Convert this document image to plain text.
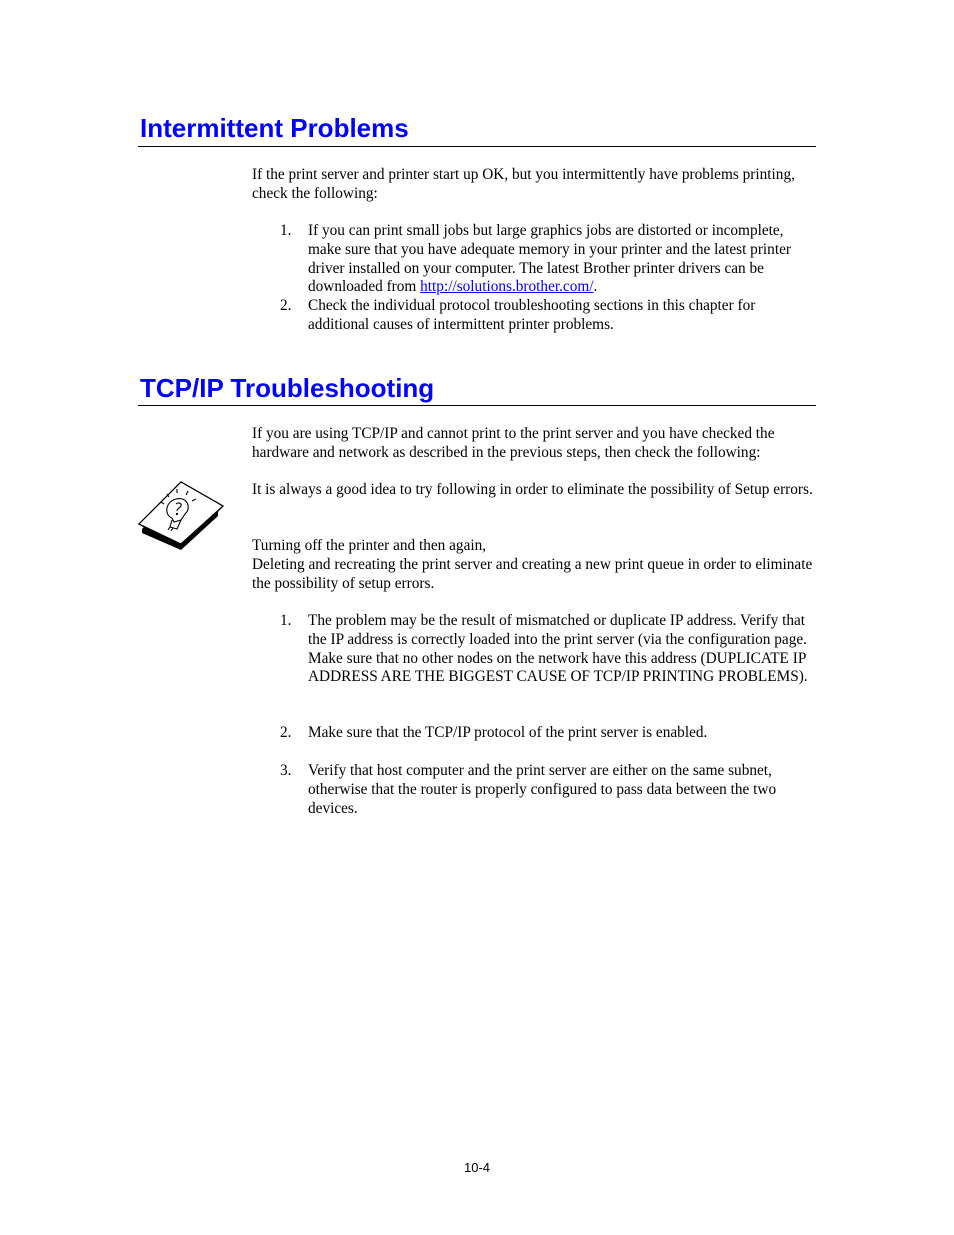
Intermittent Problems
If the print server and printer start up OK, but you intermittently have problems printing, check the following:
1. If you can print small jobs but large graphics jobs are distorted or incomplete, make sure that you have adequate memory in your printer and the latest printer driver installed on your computer. The latest Brother printer drivers can be downloaded from http://solutions.brother.com/.
2. Check the individual protocol troubleshooting sections in this chapter for additional causes of intermittent printer problems.
TCP/IP Troubleshooting
If you are using TCP/IP and cannot print to the print server and you have checked the hardware and network as described in the previous steps, then check the following:
It is always a good idea to try following in order to eliminate the possibility of Setup errors.
Turning off the printer and then again,
Deleting and recreating the print server and creating a new print queue in order to eliminate the possibility of setup errors.
1. The problem may be the result of mismatched or duplicate IP address. Verify that the IP address is correctly loaded into the print server (via the configuration page. Make sure that no other nodes on the network have this address (DUPLICATE IP ADDRESS ARE THE BIGGEST CAUSE OF TCP/IP PRINTING PROBLEMS).
2. Make sure that the TCP/IP protocol of the print server is enabled.
3. Verify that host computer and the print server are either on the same subnet, otherwise that the router is properly configured to pass data between the two devices.
10-4
